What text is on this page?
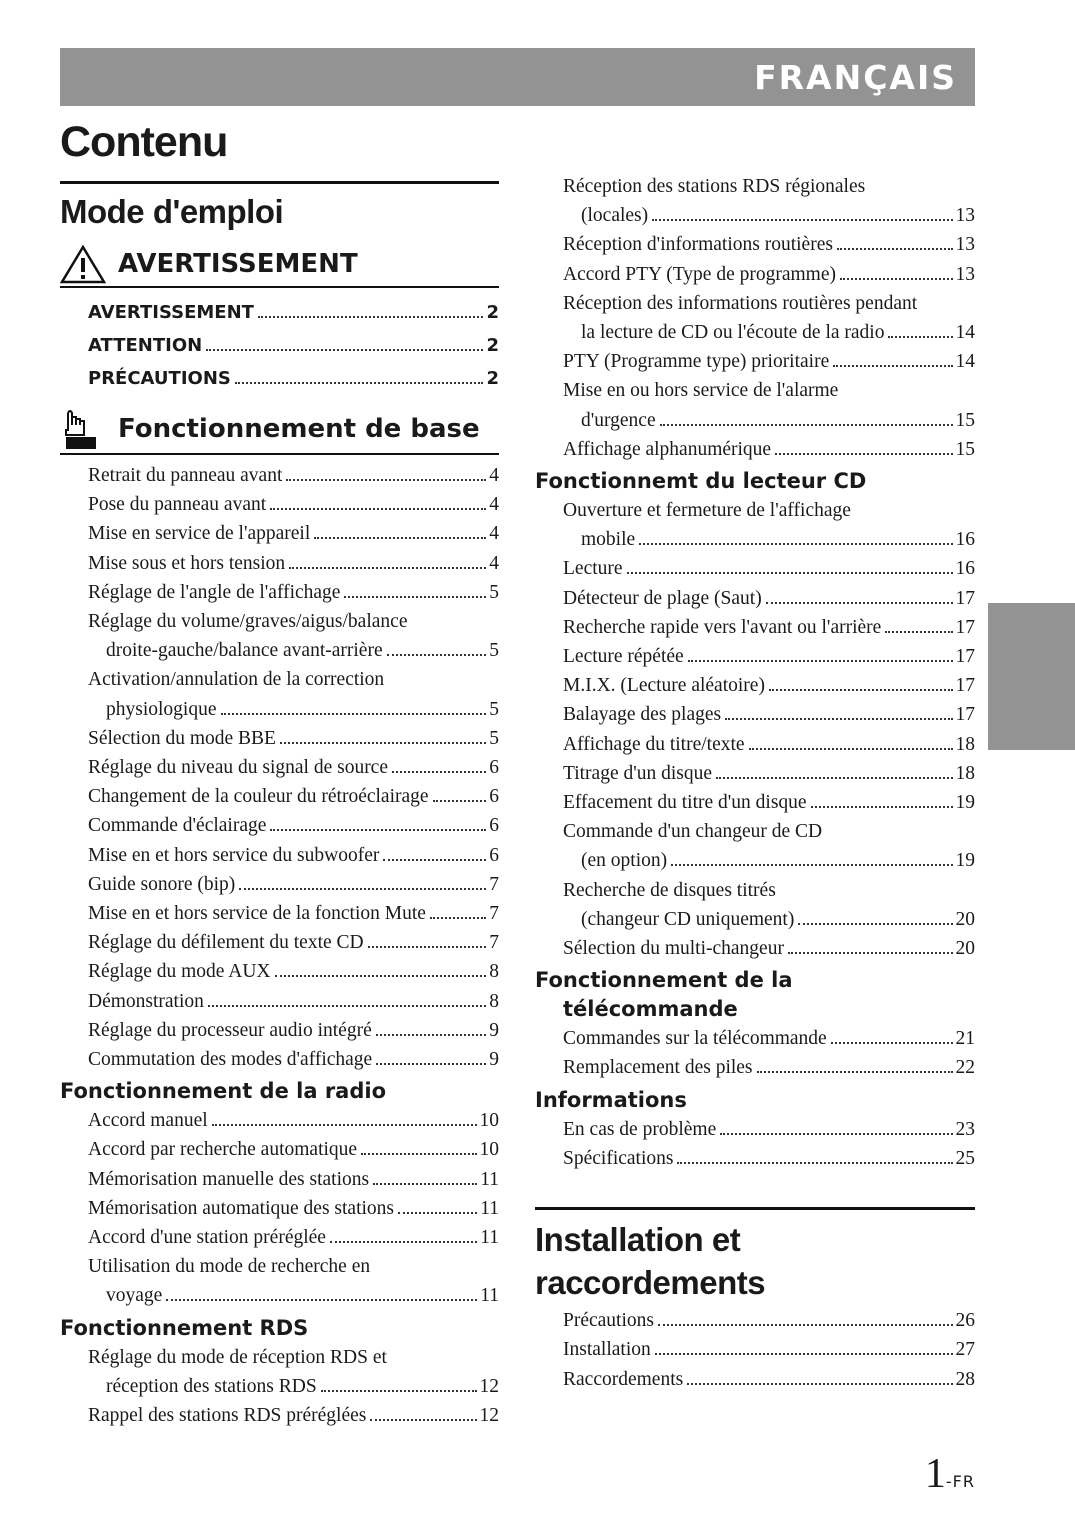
FRANÇAIS
Contenu
Mode d'emploi
AVERTISSEMENT
AVERTISSEMENT	2
ATTENTION	2
PRÉCAUTIONS	2
Fonctionnement de base
Retrait du panneau avant	4
Pose du panneau avant	4
Mise en service de l'appareil	4
Mise sous et hors tension	4
Réglage de l'angle de l'affichage	5
Réglage du volume/graves/aigus/balance
droite-gauche/balance avant-arrière	5
Activation/annulation de la correction
physiologique	5
Sélection du mode BBE	5
Réglage du niveau du signal de source	6
Changement de la couleur du rétroéclairage	6
Commande d'éclairage	6
Mise en et hors service du subwoofer	6
Guide sonore (bip)	7
Mise en et hors service de la fonction Mute	7
Réglage du défilement du texte CD	7
Réglage du mode AUX	8
Démonstration	8
Réglage du processeur audio intégré	9
Commutation des modes d'affichage	9
Fonctionnement de la radio
Accord manuel	10
Accord par recherche automatique	10
Mémorisation manuelle des stations	11
Mémorisation automatique des stations	11
Accord d'une station préréglée	11
Utilisation du mode de recherche en
voyage	11
Fonctionnement RDS
Réglage du mode de réception RDS et
réception des stations RDS	12
Rappel des stations RDS préréglées	12
Réception des stations RDS régionales
(locales)	13
Réception d'informations routières	13
Accord PTY (Type de programme)	13
Réception des informations routières pendant
la lecture de CD ou l'écoute de la radio	14
PTY (Programme type) prioritaire	14
Mise en ou hors service de l'alarme
d'urgence	15
Affichage alphanumérique	15
Fonctionnemt du lecteur CD
Ouverture et fermeture de l'affichage
mobile	16
Lecture	16
Détecteur de plage (Saut)	17
Recherche rapide vers l'avant ou l'arrière	17
Lecture répétée	17
M.I.X. (Lecture aléatoire)	17
Balayage des plages	17
Affichage du titre/texte	18
Titrage d'un disque	18
Effacement du titre d'un disque	19
Commande d'un changeur de CD
(en option)	19
Recherche de disques titrés
(changeur CD uniquement)	20
Sélection du multi-changeur	20
Fonctionnement de la
télécommande
Commandes sur la télécommande	21
Remplacement des piles	22
Informations
En cas de problème	23
Spécifications	25
Installation et
raccordements
Précautions	26
Installation	27
Raccordements	28
1-FR
